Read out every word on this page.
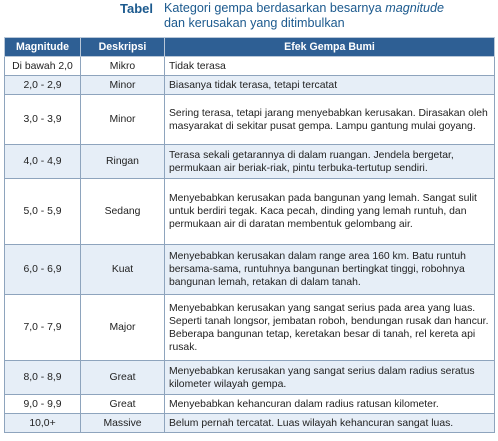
Tabel Kategori gempa berdasarkan besarnya magnitude
dan kerusakan yang ditimbulkan
Magnitude	Deskripsi	Efek Gempa Bumi
Di bawah 2,0	Mikro	Tidak terasa
2,0 - 2,9	Minor	Biasanya tidak terasa, tetapi tercatat
3,0 - 3,9	Minor	Sering terasa, tetapi jarang menyebabkan kerusakan. Dirasakan oleh masyarakat di sekitar pusat gempa. Lampu gantung mulai goyang.
4,0 - 4,9	Ringan	Terasa sekali getarannya di dalam ruangan. Jendela bergetar, permukaan air beriak-riak, pintu terbuka-tertutup sendiri.
5,0 - 5,9	Sedang	Menyebabkan kerusakan pada bangunan yang lemah. Sangat sulit untuk berdiri tegak. Kaca pecah, dinding yang lemah runtuh, dan permukaan air di daratan membentuk gelombang air.
6,0 - 6,9	Kuat	Menyebabkan kerusakan dalam range area 160 km. Batu runtuh bersama-sama, runtuhnya bangunan bertingkat tinggi, robohnya bangunan lemah, retakan di dalam tanah.
7,0 - 7,9	Major	Menyebabkan kerusakan yang sangat serius pada area yang luas. Seperti tanah longsor, jembatan roboh, bendungan rusak dan hancur. Beberapa bangunan tetap, keretakan besar di tanah, rel kereta api rusak.
8,0 - 8,9	Great	Menyebabkan kerusakan yang sangat serius dalam radius seratus kilometer wilayah gempa.
9,0 - 9,9	Great	Menyebabkan kehancuran dalam radius ratusan kilometer.
10,0+	Massive	Belum pernah tercatat. Luas wilayah kehancuran sangat luas.
